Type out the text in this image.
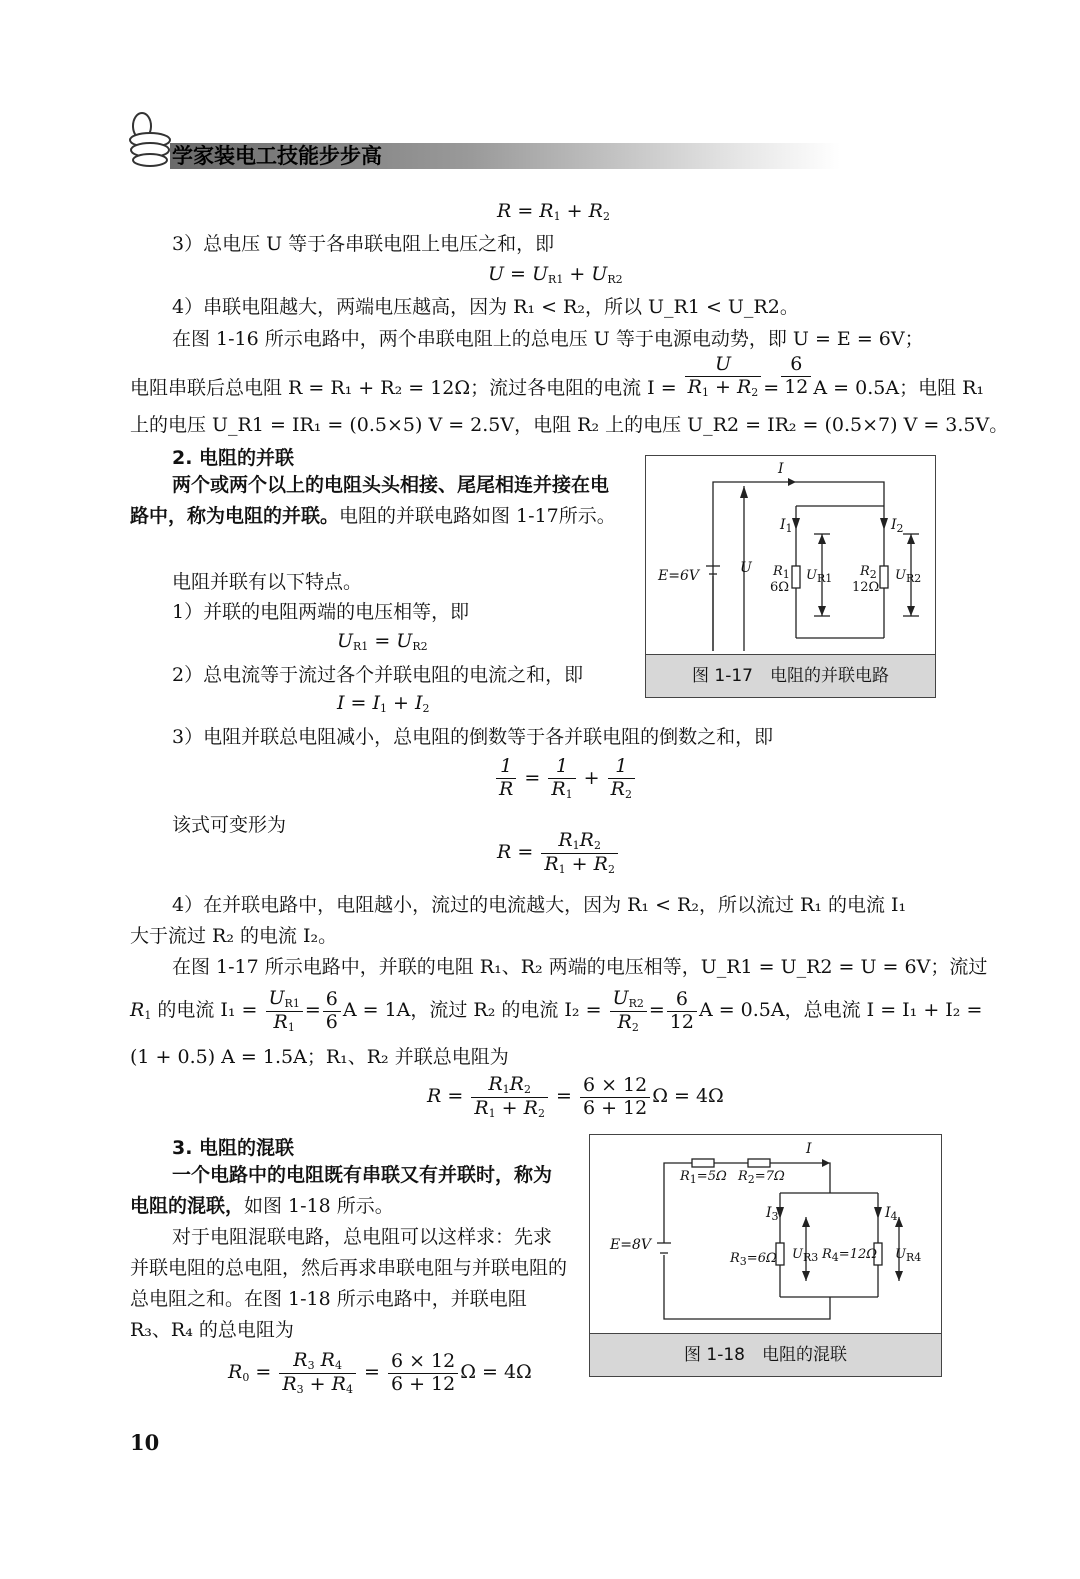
学家装电工技能步步高
$R = R_1 + R_2$
3）总电压 U 等于各串联电阻上电压之和，即
$U = U_{R1} + U_{R2}$
4）串联电阻越大，两端电压越高，因为 R₁ < R₂，所以 U_R1 < U_R2。
在图 1-16 所示电路中，两个串联电阻上的总电压 U 等于电源电动势，即 U = E = 6V；
电阻串联后总电阻 R = R₁ + R₂ = 12Ω；流过各电阻的电流 $I = \frac{U}{R_1 + R_2} = \frac{6}{12}$ A = 0.5A；电阻 R₁
上的电压 U_R1 = IR₁ = (0.5×5) V = 2.5V，电阻 R₂ 上的电压 U_R2 = IR₂ = (0.5×7) V = 3.5V。
2. 电阻的并联
两个或两个以上的电阻头头相接、尾尾相连并接在电路中，称为电阻的并联。电阻的并联电路如图 1-17所示。
电阻并联有以下特点。
1）并联的电阻两端的电压相等，即
$U_{R1} = U_{R2}$
2）总电流等于流过各个并联电阻的电流之和，即
$I = I_1 + I_2$
3）电阻并联总电阻减小，总电阻的倒数等于各并联电阻的倒数之和，即
$\frac{1}{R} = \frac{1}{R_1} + \frac{1}{R_2}$
该式可变形为
$R = \frac{R_1R_2}{R_1 + R_2}$
4）在并联电路中，电阻越小，流过的电流越大，因为 R₁ < R₂，所以流过 R₁ 的电流 I₁
大于流过 R₂ 的电流 I₂。
在图 1-17 所示电路中，并联的电阻 R₁、R₂ 两端的电压相等，U_R1 = U_R2 = U = 6V；流过
$R_1$ 的电流 $I_1 = \frac{U_{R1}}{R_1} = \frac{6}{6}$ A = 1A，流过 R₂ 的电流 $I_2 = \frac{U_{R2}}{R_2} = \frac{6}{12}$ A = 0.5A，总电流 I = I₁ + I₂ =
(1 + 0.5) A = 1.5A；R₁、R₂ 并联总电阻为
$R = \frac{R_1R_2}{R_1 + R_2} = \frac{6 \times 12}{6 + 12}$ Ω = 4Ω
3. 电阻的混联
一个电路中的电阻既有串联又有并联时，称为电阻的混联，如图 1-18 所示。
对于电阻混联电路，总电阻可以这样求：先求并联电阻的总电阻，然后再求串联电阻与并联电阻的总电阻之和。在图 1-18 所示电路中，并联电阻 R₃、R₄ 的总电阻为
$R_0 = \frac{R_3 R_4}{R_3 + R_4} = \frac{6 \times 12}{6 + 12}$ Ω = 4Ω
10
I
$I_1$	$I_2$
E=6V	U $R_1$
6Ω
$U_{R1}$ $R_2$
12Ω
$U_{R2}$
图 1-17　电阻的并联电路
I
$R_1=5\Omega$ $R_2=7\Omega$
$I_3$	$I_4$
E=8V
$R_3=6\Omega$ $U_{R3}$ $R_4=12\Omega$ $U_{R4}$
图 1-18　电阻的混联
